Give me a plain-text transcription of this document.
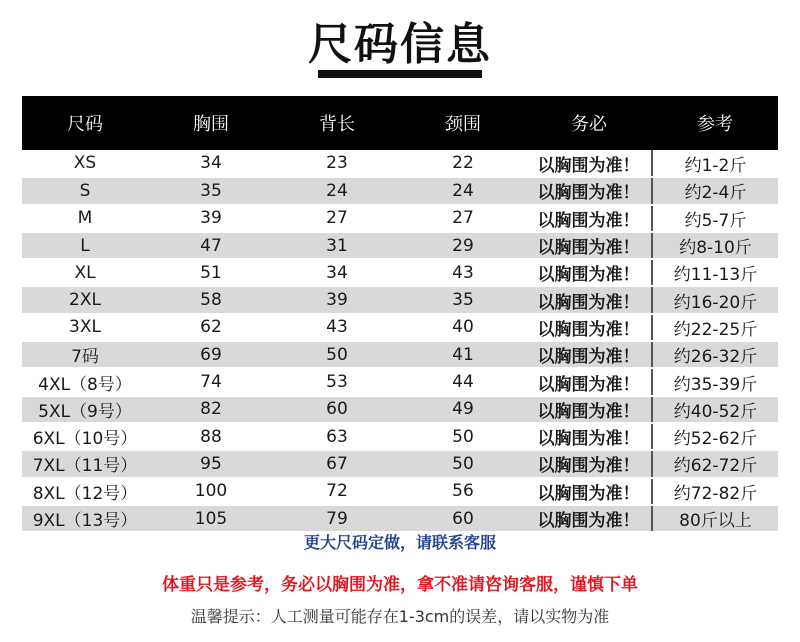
尺码信息
尺码	胸围	背长	颈围	务必	参考
XS	34	23	22	以胸围为准！	约1-2斤
S	35	24	24	以胸围为准！	约2-4斤
M	39	27	27	以胸围为准！	约5-7斤
L	47	31	29	以胸围为准！	约8-10斤
XL	51	34	43	以胸围为准！	约11-13斤
2XL	58	39	35	以胸围为准！	约16-20斤
3XL	62	43	40	以胸围为准！	约22-25斤
7码	69	50	41	以胸围为准！	约26-32斤
4XL（8号）	74	53	44	以胸围为准！	约35-39斤
5XL（9号）	82	60	49	以胸围为准！	约40-52斤
6XL（10号）	88	63	50	以胸围为准！	约52-62斤
7XL（11号）	95	67	50	以胸围为准！	约62-72斤
8XL（12号）	100	72	56	以胸围为准！	约72-82斤
9XL（13号）	105	79	60	以胸围为准！	80斤以上
更大尺码定做，请联系客服
体重只是参考，务必以胸围为准，拿不准请咨询客服，谨慎下单
温馨提示：人工测量可能存在1-3cm的误差，请以实物为准
